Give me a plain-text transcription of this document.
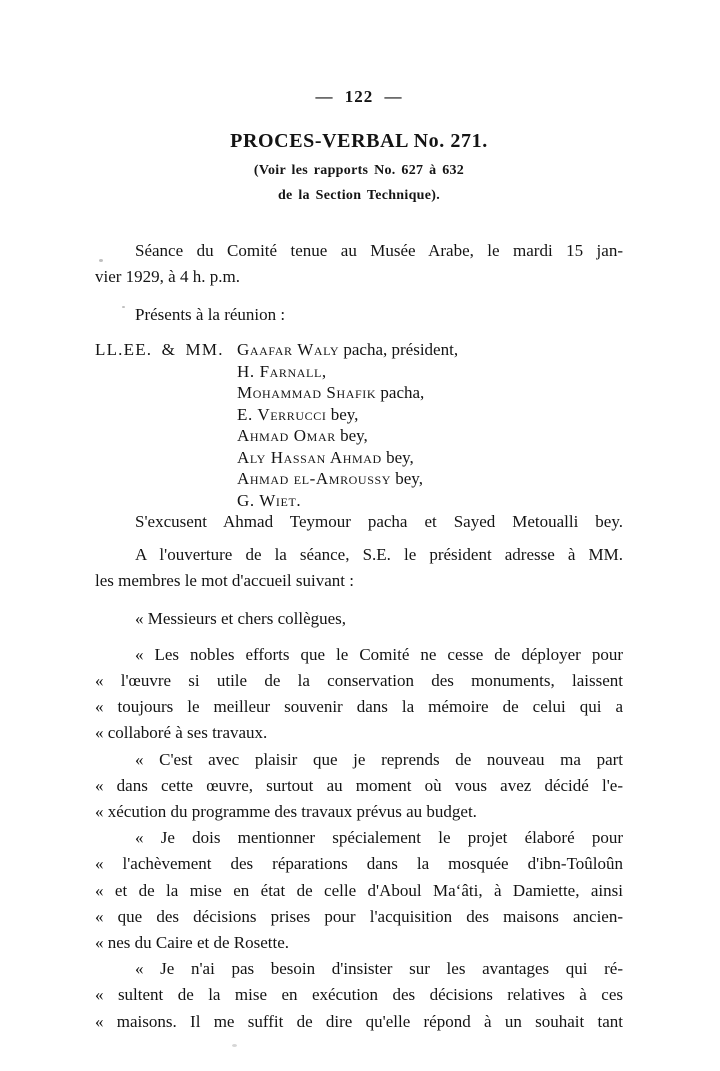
— 122 —
PROCES-VERBAL No. 271.
(Voir les rapports No. 627 à 632
de la Section Technique).
Séance du Comité tenue au Musée Arabe, le mardi 15 jan-
vier 1929, à 4 h. p.m.
Présents à la réunion :
LL.EE. & MM. Gaafar Waly pacha, président,
H. Farnall,
Mohammad Shafik pacha,
E. Verrucci bey,
Ahmad Omar bey,
Aly Hassan Ahmad bey,
Ahmad el-Amroussy bey,
G. Wiet.
S'excusent Ahmad Teymour pacha et Sayed Metoualli bey.
A l'ouverture de la séance, S.E. le président adresse à MM.
les membres le mot d'accueil suivant :
« Messieurs et chers collègues,
« Les nobles efforts que le Comité ne cesse de déployer pour
« l'œuvre si utile de la conservation des monuments, laissent
« toujours le meilleur souvenir dans la mémoire de celui qui a
« collaboré à ses travaux.
« C'est avec plaisir que je reprends de nouveau ma part
« dans cette œuvre, surtout au moment où vous avez décidé l'e-
« xécution du programme des travaux prévus au budget.
« Je dois mentionner spécialement le projet élaboré pour
« l'achèvement des réparations dans la mosquée d'ibn-Toûloûn
« et de la mise en état de celle d'Aboul Ma‘âti, à Damiette, ainsi
« que des décisions prises pour l'acquisition des maisons ancien-
« nes du Caire et de Rosette.
« Je n'ai pas besoin d'insister sur les avantages qui ré-
« sultent de la mise en exécution des décisions relatives à ces
« maisons. Il me suffit de dire qu'elle répond à un souhait tant
